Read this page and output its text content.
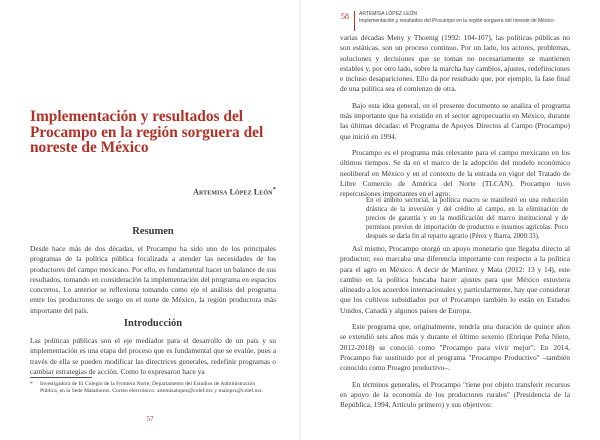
Implementación y resultados del Procampo en la región sorguera del noreste de México
Artemisa López León*
Resumen

Desde hace más de dos décadas, el Procampo ha sido uno de los principales programas de la política pública focalizada a atender las necesidades de los productores del campo mexicano. Por ello, es fundamental hacer un balance de sus resultados, tomando en consideración la implementación del programa en espacios concretos. Lo anterior se reflexiona tomando como eje el análisis del programa entre los productores de sorgo en el norte de México, la región productora más importante del país.

Introducción

Las políticas públicas son el eje mediador para el desarrollo de un país y su implementación es una etapa del proceso que es fundamental que se evalúe, pues a través de ella se pueden modificar las directrices generales, redefinir programas o cambiar estrategias de acción. Como lo expresaron hace ya

*	Investigadora de El Colegio de la Frontera Norte, Departamento del Estudios de Administración Pública, en la Sede Matamoros. Correo electrónico: artemisalopez@colef.mx y maloprz@colef.mx.
57
58 ARTEMISA LÓPEZ LEÓN
Implementación y resultados del Procampo en la región sorguera del noreste de México

varias décadas Meny y Thoenig (1992: 104-107), las políticas públicas no son estáticas, son un proceso continuo. Por un lado, los actores, problemas, soluciones y decisiones que se toman no necesariamente se mantienen estables y, por otro lado, sobre la marcha hay cambios, ajustes, redefiniciones e incluso desapariciones. Ello da por resultado que, por ejemplo, la fase final de una política sea el comienzo de otra.

Bajo esta idea general, en el presente documento se analiza el programa más importante que ha existido en el sector agropecuario en México, durante las últimas décadas: el Programa de Apoyos Directos al Campo (Procampo) que inició en 1994.

Procampo es el programa más relevante para el campo mexicano en los últimos tiempos. Se da en el marco de la adopción del modelo económico neoliberal en México y en el contexto de la entrada en vigor del Tratado de Libre Comercio de América del Norte (TLCAN). Procampo tuvo repercusiones importantes en el agro:

En el ámbito sectorial, la política macro se manifestó en una reducción drástica de la inversión y del crédito al campo, en la eliminación de precios de garantía y en la modificación del marco institucional y de permisos previos de importación de productos e insumos agrícolas. Poco después se daría fin al reparto agrario (Pérez y Ibarra, 2000:33).

Así mismo, Procampo otorgó un apoyo monetario que llegaba directo al productor; eso marcaba una diferencia importante con respecto a la política para el agro en México. A decir de Martínez y Mata (2012: 13 y 14), este cambio en la política buscaba hacer ajustes para que México estuviera alineado a los acuerdos internacionales y, particularmente, hay que considerar que los cultivos subsidiados por el Procampo también lo están en Estados Unidos, Canadá y algunos países de Europa.

Este programa que, originalmente, tendría una duración de quince años se extendió seis años más y durante el último sexenio (Enrique Peña Nieto, 2012-2018) se conoció como "Procampo para vivir mejor". En 2014, Procampo fue sustituido por el programa "Procampo Productivo" –también conocido como Proagro productivo–.

En términos generales, el Procampo "tiene por objeto transferir recursos en apoyo de la economía de los productores rurales" (Presidencia de la República, 1994, Artículo primero) y sus objetivos:
